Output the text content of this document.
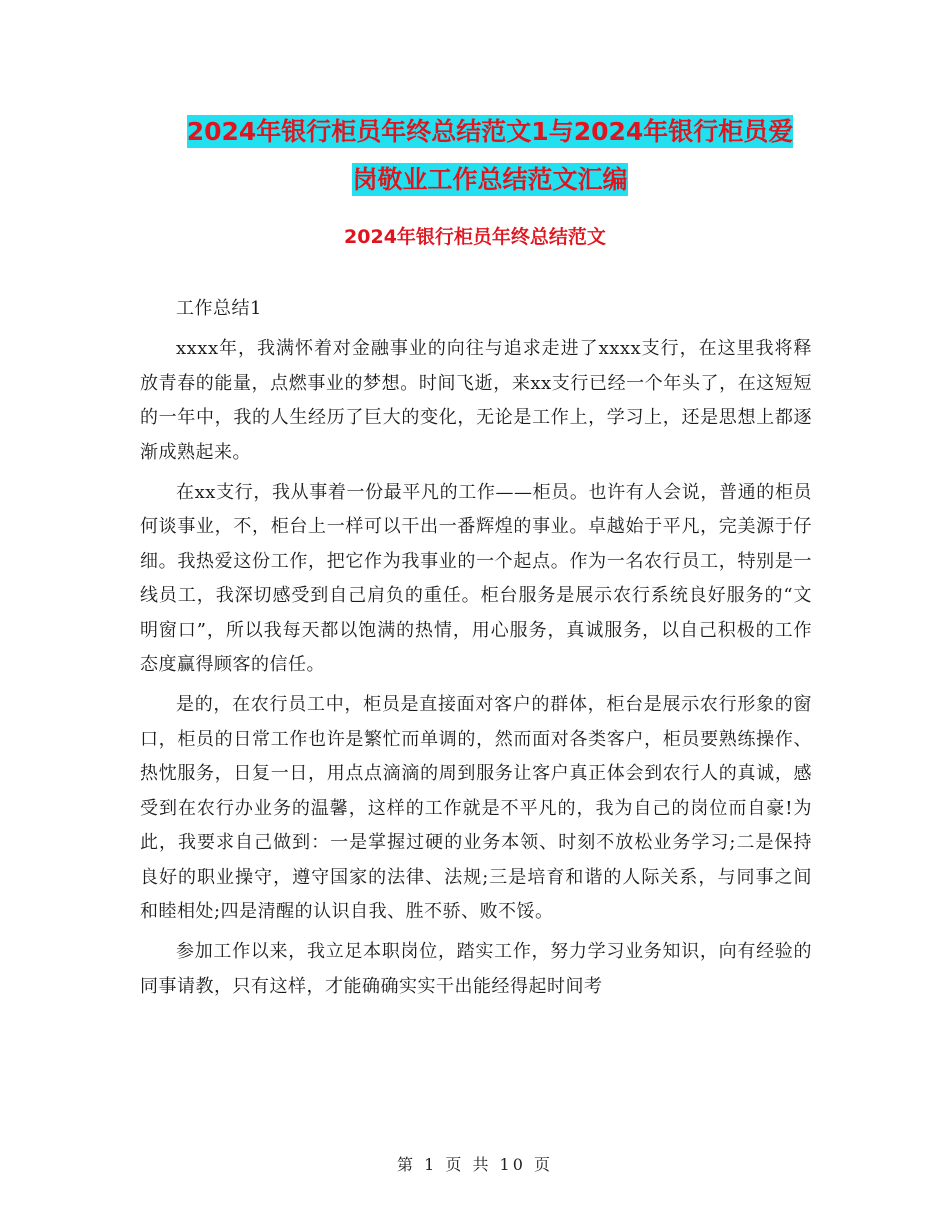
2024年银行柜员年终总结范文1与2024年银行柜员爱
岗敬业工作总结范文汇编
2024年银行柜员年终总结范文

工作总结1

xxxx年，我满怀着对金融事业的向往与追求走进了xxxx支行，在这里我将释放青春的能量，点燃事业的梦想。时间飞逝，来xx支行已经一个年头了，在这短短的一年中，我的人生经历了巨大的变化，无论是工作上，学习上，还是思想上都逐渐成熟起来。

在xx支行，我从事着一份最平凡的工作——柜员。也许有人会说，普通的柜员何谈事业，不，柜台上一样可以干出一番辉煌的事业。卓越始于平凡，完美源于仔细。我热爱这份工作，把它作为我事业的一个起点。作为一名农行员工，特别是一线员工，我深切感受到自己肩负的重任。柜台服务是展示农行系统良好服务的“文明窗口”，所以我每天都以饱满的热情，用心服务，真诚服务，以自己积极的工作态度赢得顾客的信任。

是的，在农行员工中，柜员是直接面对客户的群体，柜台是展示农行形象的窗口，柜员的日常工作也许是繁忙而单调的，然而面对各类客户，柜员要熟练操作、热忱服务，日复一日，用点点滴滴的周到服务让客户真正体会到农行人的真诚，感受到在农行办业务的温馨，这样的工作就是不平凡的，我为自己的岗位而自豪!为此，我要求自己做到：一是掌握过硬的业务本领、时刻不放松业务学习;二是保持良好的职业操守，遵守国家的法律、法规;三是培育和谐的人际关系，与同事之间和睦相处;四是清醒的认识自我、胜不骄、败不馁。

参加工作以来，我立足本职岗位，踏实工作，努力学习业务知识，向有经验的同事请教，只有这样，才能确确实实干出能经得起时间考

第 1 页 共 10 页
